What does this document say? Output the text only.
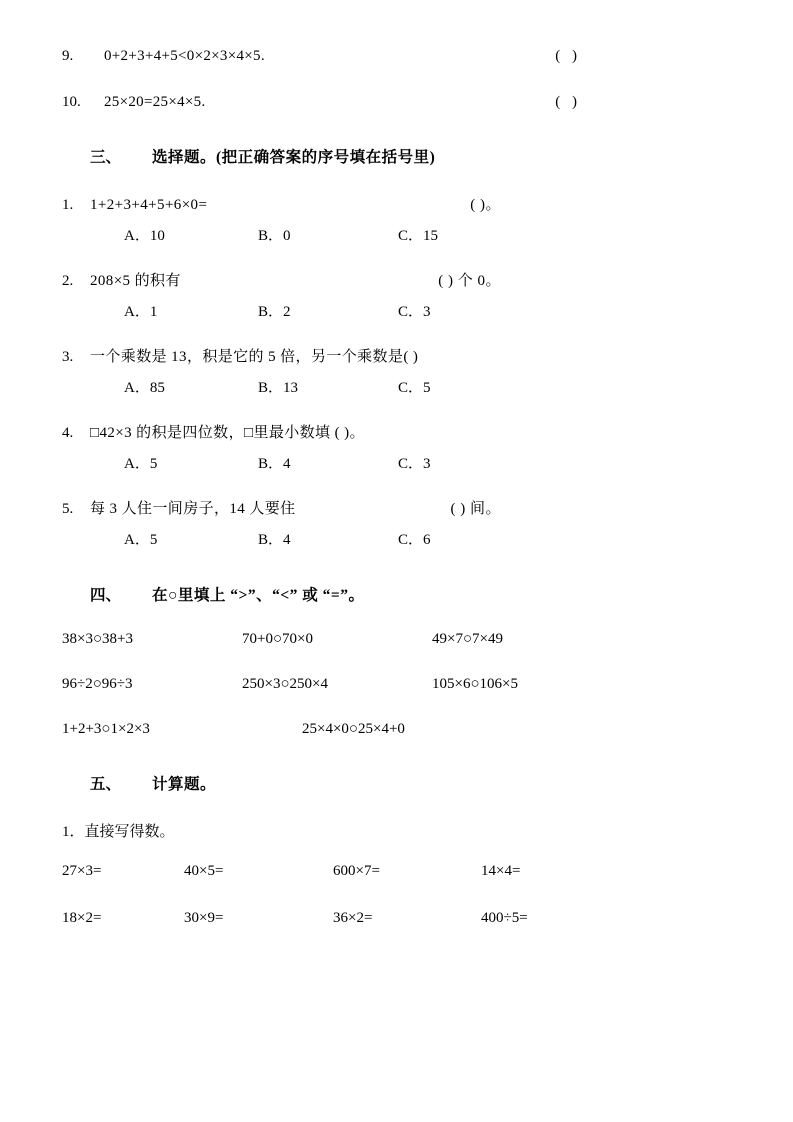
9.	0+2+3+4+5<0×2×3×4×5.	( )
10.	25×20=25×4×5.	( )
三、	选择题。(把正确答案的序号填在括号里)
1.	1+2+3+4+5+6×0=	( )。
A．10	B．0	C．15
2.	208×5 的积有	( ) 个 0。
A．1	B．2	C．3
3.	一个乘数是 13，积是它的 5 倍，另一个乘数是( )
A．85	B．13	C．5
4.	□42×3 的积是四位数，□里最小数填 ( )。
A．5	B．4	C．3
5.	每 3 人住一间房子，14 人要住	( ) 间。
A．5	B．4	C．6
四、	在○里填上 “>”、“<” 或 “=”。
38×3○38+3	70+0○70×0	49×7○7×49
96÷2○96÷3	250×3○250×4	105×6○106×5
1+2+3○1×2×3	25×4×0○25×4+0
五、	计算题。
1．直接写得数。
27×3=	40×5=	600×7=	14×4=
18×2=	30×9=	36×2=	400÷5=
